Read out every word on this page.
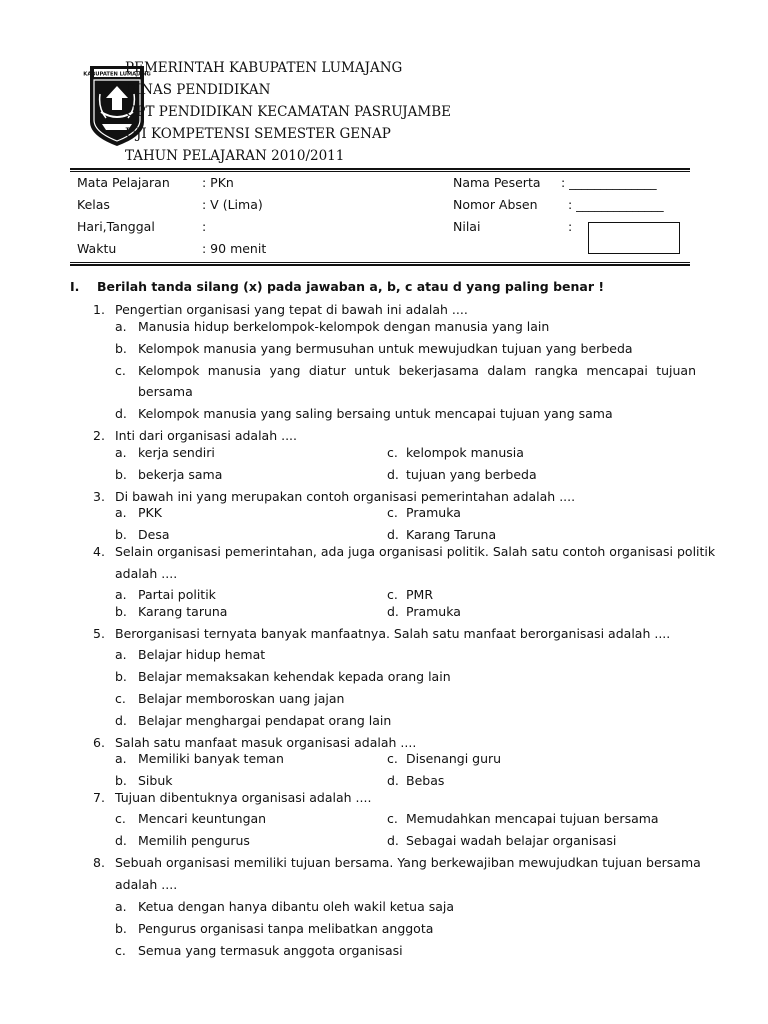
KABUPATEN LUMAJANG
PEMERINTAH KABUPATEN LUMAJANG
DINAS PENDIDIKAN
UPT PENDIDIKAN KECAMATAN PASRUJAMBE
UJI KOMPETENSI SEMESTER GENAP
TAHUN PELAJARAN 2010/2011
Mata Pelajaran	: PKn
Kelas	: V (Lima)
Hari,Tanggal	:
Waktu	: 90 menit
Nama Peserta : ______________
Nomor Absen : ______________
Nilai	:
I. Berilah tanda silang (x) pada jawaban a, b, c atau d yang paling benar !
1. Pengertian organisasi yang tepat di bawah ini adalah ....
a. Manusia hidup berkelompok-kelompok dengan manusia yang lain
b. Kelompok manusia yang bermusuhan untuk mewujudkan tujuan yang berbeda
c. Kelompok manusia yang diatur untuk bekerjasama dalam rangka mencapai tujuan
bersama
d. Kelompok manusia yang saling bersaing untuk mencapai tujuan yang sama
2. Inti dari organisasi adalah ....
a. kerja sendiri	c. kelompok manusia
b. bekerja sama	d. tujuan yang berbeda
3. Di bawah ini yang merupakan contoh organisasi pemerintahan adalah ....
a. PKK	c. Pramuka
b. Desa	d. Karang Taruna
4. Selain organisasi pemerintahan, ada juga organisasi politik. Salah satu contoh organisasi politik
adalah ....
a. Partai politik	c. PMR
b. Karang taruna	d. Pramuka
5. Berorganisasi ternyata banyak manfaatnya. Salah satu manfaat berorganisasi adalah ....
a. Belajar hidup hemat
b. Belajar memaksakan kehendak kepada orang lain
c. Belajar memboroskan uang jajan
d. Belajar menghargai pendapat orang lain
6. Salah satu manfaat masuk organisasi adalah ....
a. Memiliki banyak teman	c. Disenangi guru
b. Sibuk	d. Bebas
7. Tujuan dibentuknya organisasi adalah ....
c. Mencari keuntungan	c. Memudahkan mencapai tujuan bersama
d. Memilih pengurus	d. Sebagai wadah belajar organisasi
8. Sebuah organisasi memiliki tujuan bersama. Yang berkewajiban mewujudkan tujuan bersama
adalah ....
a. Ketua dengan hanya dibantu oleh wakil ketua saja
b. Pengurus organisasi tanpa melibatkan anggota
c. Semua yang termasuk anggota organisasi
